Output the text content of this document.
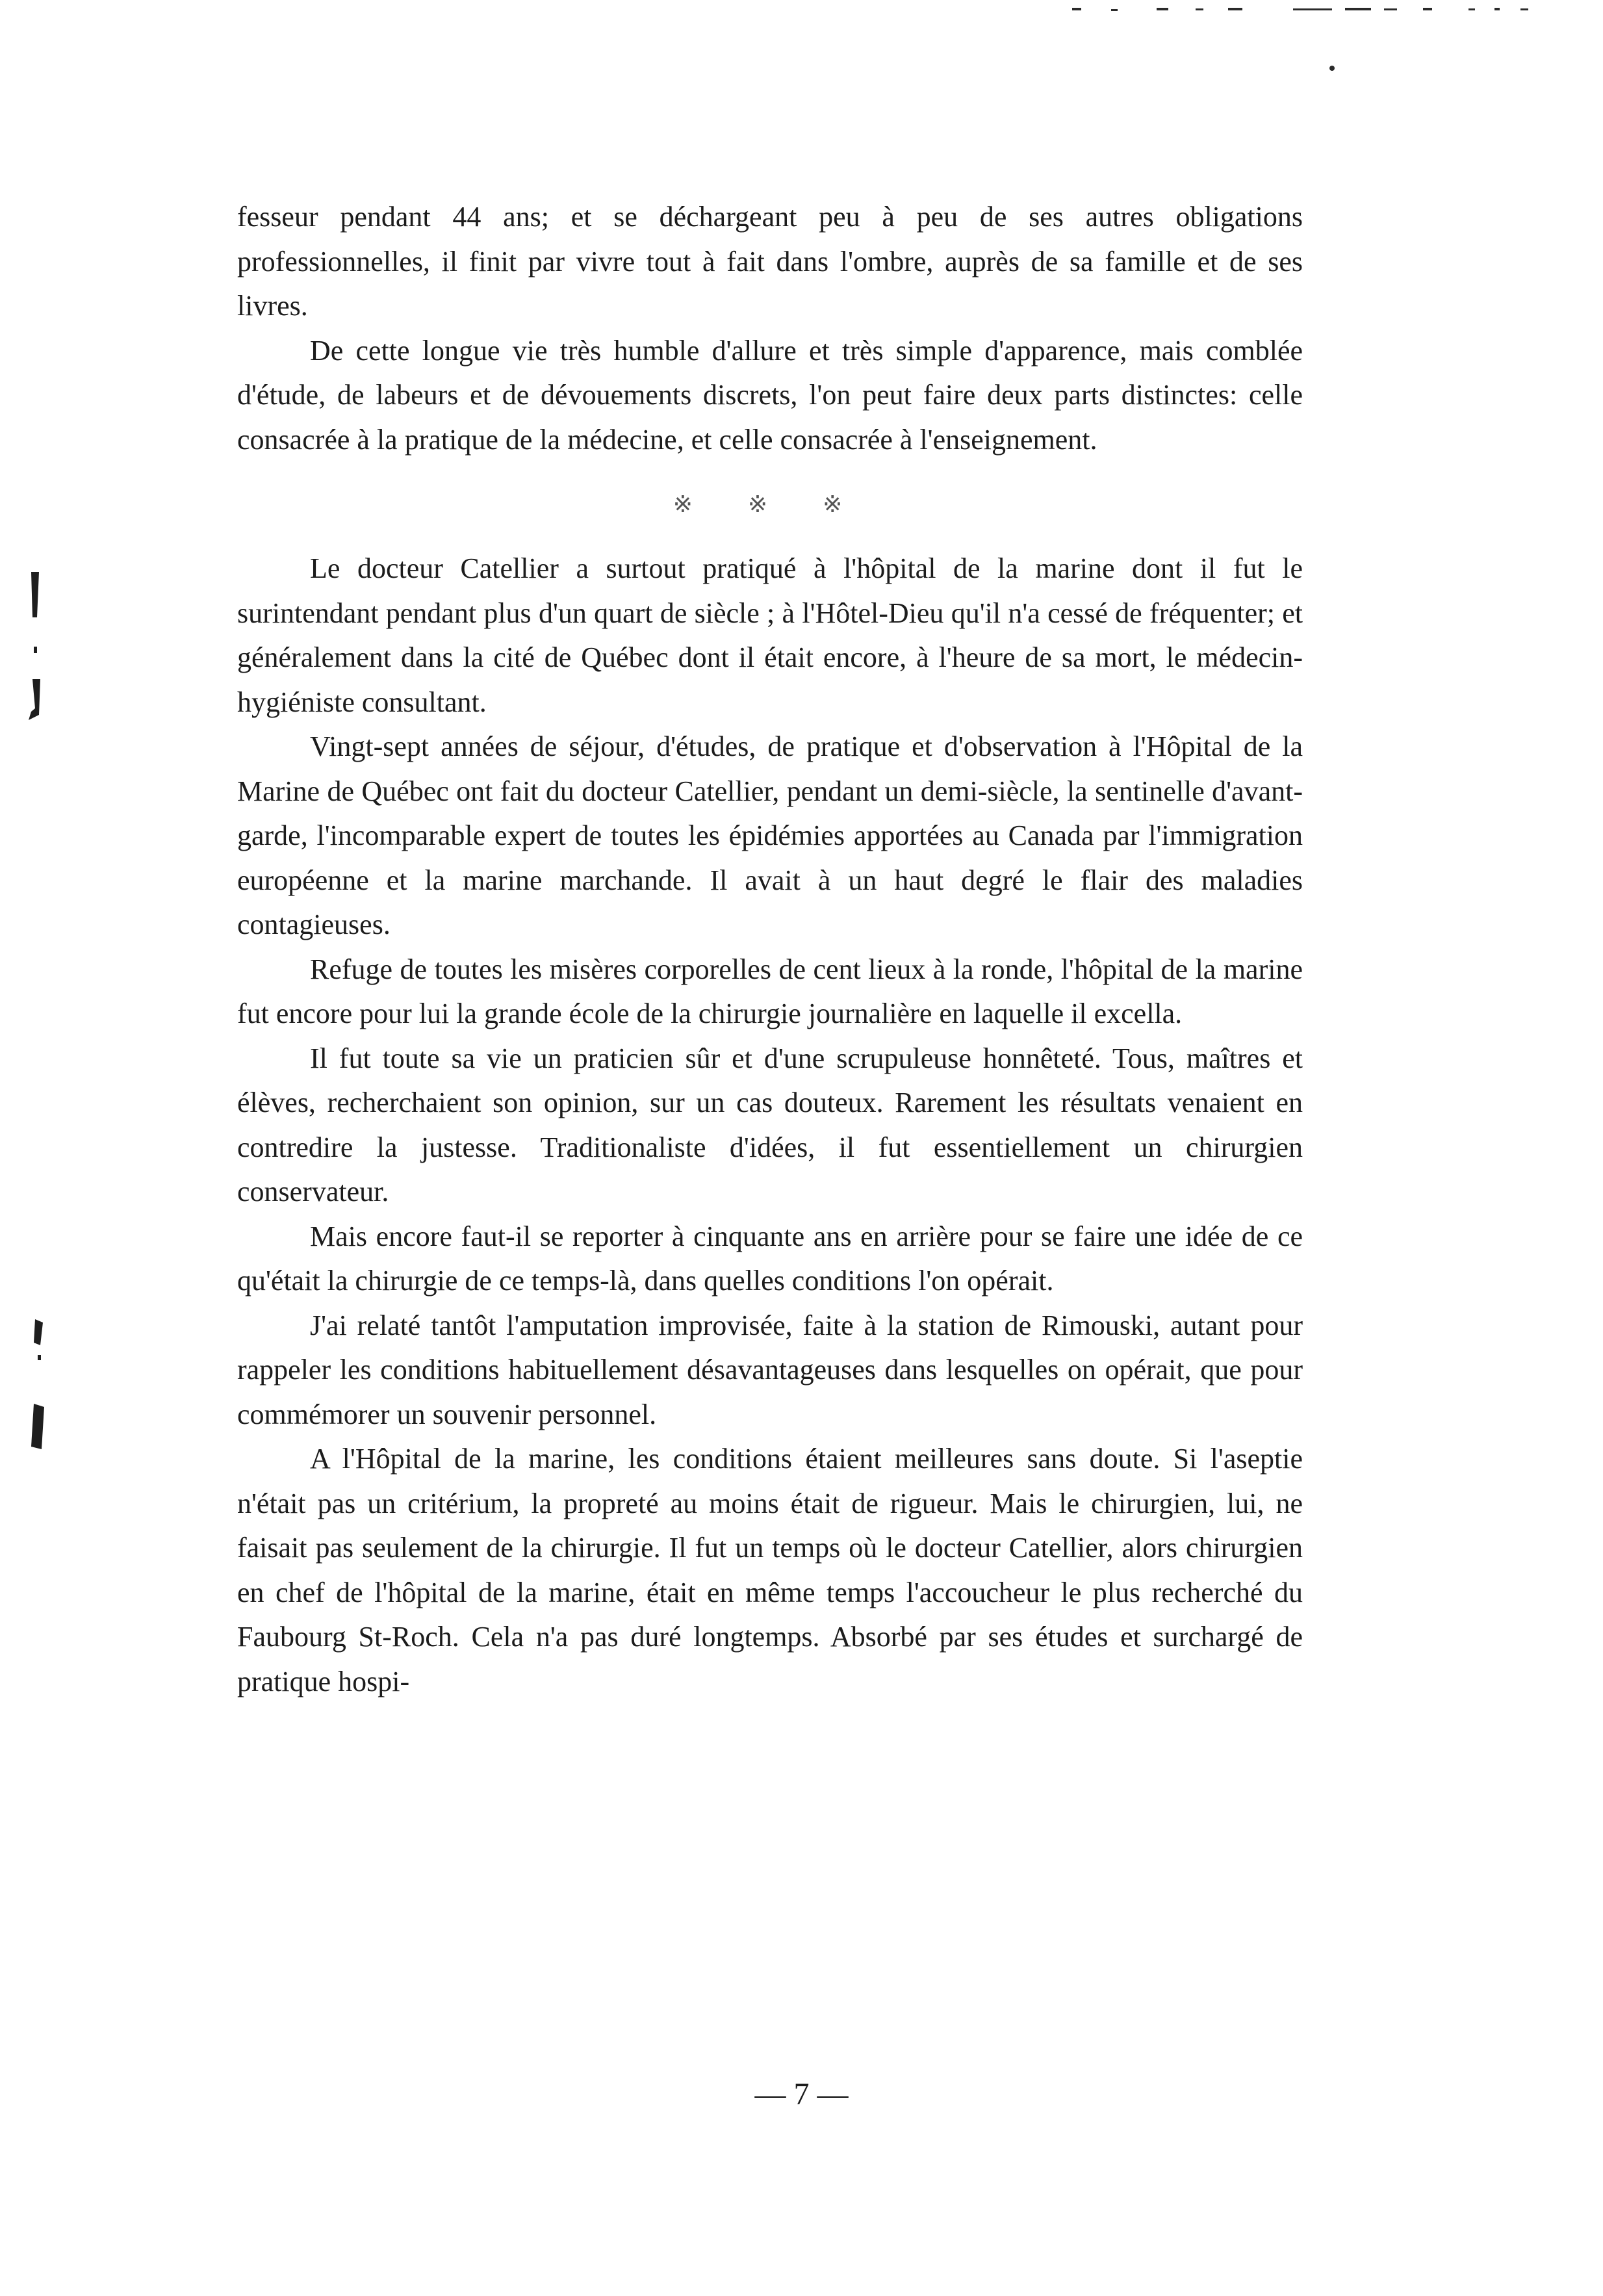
fesseur pendant 44 ans; et se déchargeant peu à peu de ses autres obligations professionnelles, il finit par vivre tout à fait dans l'ombre, auprès de sa famille et de ses livres.

De cette longue vie très humble d'allure et très simple d'apparence, mais comblée d'étude, de labeurs et de dévouements discrets, l'on peut faire deux parts distinctes: celle consacrée à la pratique de la médecine, et celle consacrée à l'enseignement.

※ ※ ※

Le docteur Catellier a surtout pratiqué à l'hôpital de la marine dont il fut le surintendant pendant plus d'un quart de siècle ; à l'Hôtel-Dieu qu'il n'a cessé de fréquenter; et généralement dans la cité de Québec dont il était encore, à l'heure de sa mort, le médecin-hygiéniste consultant.

Vingt-sept années de séjour, d'études, de pratique et d'observation à l'Hôpital de la Marine de Québec ont fait du docteur Catellier, pendant un demi-siècle, la sentinelle d'avant-garde, l'incomparable expert de toutes les épidémies apportées au Canada par l'immigration européenne et la marine marchande. Il avait à un haut degré le flair des maladies contagieuses.

Refuge de toutes les misères corporelles de cent lieux à la ronde, l'hôpital de la marine fut encore pour lui la grande école de la chirurgie journalière en laquelle il excella.

Il fut toute sa vie un praticien sûr et d'une scrupuleuse honnêteté. Tous, maîtres et élèves, recherchaient son opinion, sur un cas douteux. Rarement les résultats venaient en contredire la justesse. Traditionaliste d'idées, il fut essentiellement un chirurgien conservateur.

Mais encore faut-il se reporter à cinquante ans en arrière pour se faire une idée de ce qu'était la chirurgie de ce temps-là, dans quelles conditions l'on opérait.

J'ai relaté tantôt l'amputation improvisée, faite à la station de Rimouski, autant pour rappeler les conditions habituellement désavantageuses dans lesquelles on opérait, que pour commémorer un souvenir personnel.

A l'Hôpital de la marine, les conditions étaient meilleures sans doute. Si l'aseptie n'était pas un critérium, la propreté au moins était de rigueur. Mais le chirurgien, lui, ne faisait pas seulement de la chirurgie. Il fut un temps où le docteur Catellier, alors chirurgien en chef de l'hôpital de la marine, était en même temps l'accoucheur le plus recherché du Faubourg St-Roch. Cela n'a pas duré longtemps. Absorbé par ses études et surchargé de pratique hospi-

— 7 —
